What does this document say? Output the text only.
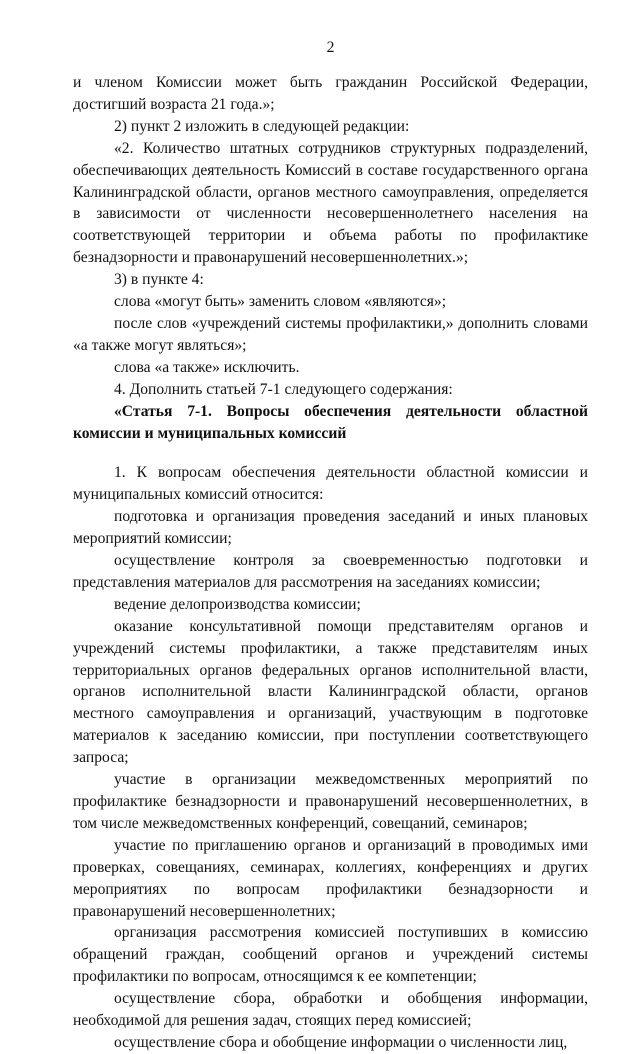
2

и членом Комиссии может быть гражданин Российской Федерации, достигший возраста 21 года.»;

2) пункт 2 изложить в следующей редакции:

«2. Количество штатных сотрудников структурных подразделений, обеспечивающих деятельность Комиссий в составе государственного органа Калининградской области, органов местного самоуправления, определяется в зависимости от численности несовершеннолетнего населения на соответствующей территории и объема работы по профилактике безнадзорности и правонарушений несовершеннолетних.»;

3) в пункте 4:

слова «могут быть» заменить словом «являются»;

после слов «учреждений системы профилактики,» дополнить словами «а также могут являться»;

слова «а также» исключить.

4. Дополнить статьей 7-1 следующего содержания:

«Статья 7-1. Вопросы обеспечения деятельности областной комиссии и муниципальных комиссий

1. К вопросам обеспечения деятельности областной комиссии и муниципальных комиссий относится:

подготовка и организация проведения заседаний и иных плановых мероприятий комиссии;

осуществление контроля за своевременностью подготовки и представления материалов для рассмотрения на заседаниях комиссии;

ведение делопроизводства комиссии;

оказание консультативной помощи представителям органов и учреждений системы профилактики, а также представителям иных территориальных органов федеральных органов исполнительной власти, органов исполнительной власти Калининградской области, органов местного самоуправления и организаций, участвующим в подготовке материалов к заседанию комиссии, при поступлении соответствующего запроса;

участие в организации межведомственных мероприятий по профилактике безнадзорности и правонарушений несовершеннолетних, в том числе межведомственных конференций, совещаний, семинаров;

участие по приглашению органов и организаций в проводимых ими проверках, совещаниях, семинарах, коллегиях, конференциях и других мероприятиях по вопросам профилактики безнадзорности и правонарушений несовершеннолетних;

организация рассмотрения комиссией поступивших в комиссию обращений граждан, сообщений органов и учреждений системы профилактики по вопросам, относящимся к ее компетенции;

осуществление сбора, обработки и обобщения информации, необходимой для решения задач, стоящих перед комиссией;

осуществление сбора и обобщение информации о численности лиц,
